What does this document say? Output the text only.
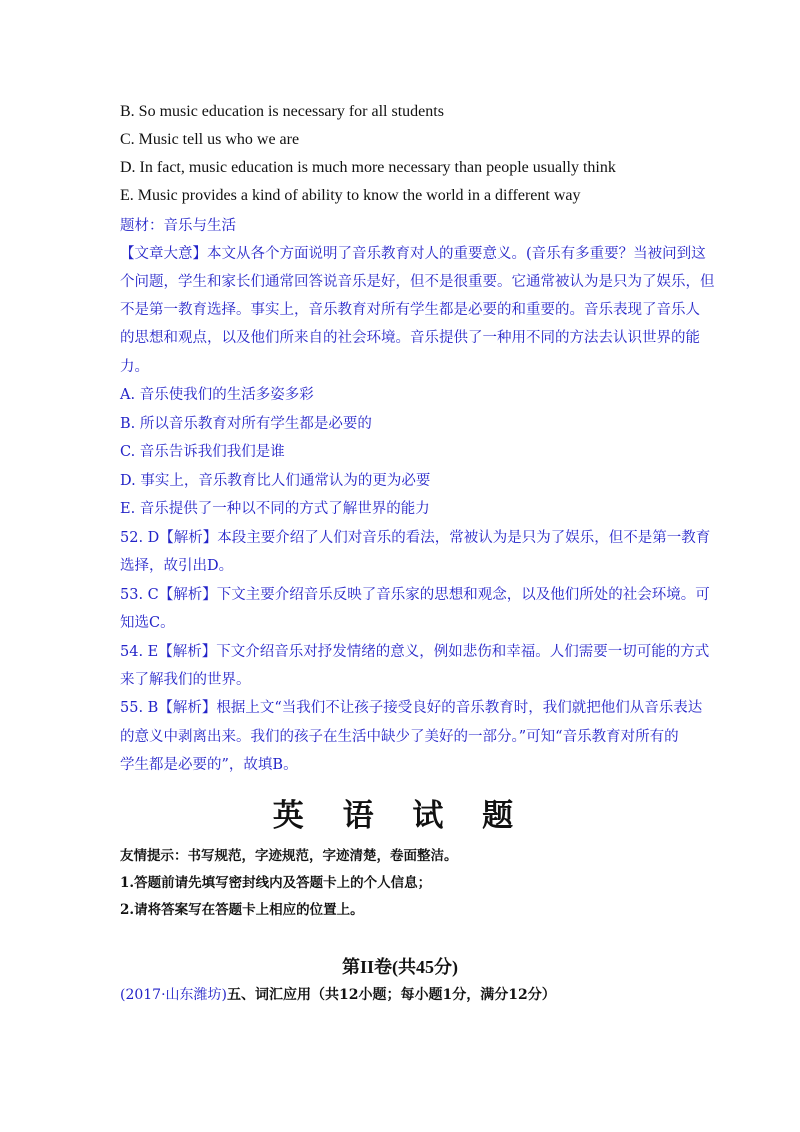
B. So music education is necessary for all students
C. Music tell us who we are
D. In fact, music education is much more necessary than people usually think
E. Music provides a kind of ability to know the world in a different way
题材：音乐与生活
【文章大意】本文从各个方面说明了音乐教育对人的重要意义。(音乐有多重要？当被问到这
个问题，学生和家长们通常回答说音乐是好，但不是很重要。它通常被认为是只为了娱乐，但
不是第一教育选择。事实上，音乐教育对所有学生都是必要的和重要的。音乐表现了音乐人
的思想和观点，以及他们所来自的社会环境。音乐提供了一种用不同的方法去认识世界的能
力。
A. 音乐使我们的生活多姿多彩
B. 所以音乐教育对所有学生都是必要的
C. 音乐告诉我们我们是谁
D. 事实上，音乐教育比人们通常认为的更为必要
E. 音乐提供了一种以不同的方式了解世界的能力
52. D【解析】本段主要介绍了人们对音乐的看法，常被认为是只为了娱乐，但不是第一教育
选择，故引出D。
53. C【解析】下文主要介绍音乐反映了音乐家的思想和观念，以及他们所处的社会环境。可
知选C。
54. E【解析】下文介绍音乐对抒发情绪的意义，例如悲伤和幸福。人们需要一切可能的方式
来了解我们的世界。
55. B【解析】根据上文“当我们不让孩子接受良好的音乐教育时，我们就把他们从音乐表达
的意义中剥离出来。我们的孩子在生活中缺少了美好的一部分。”可知“音乐教育对所有的
学生都是必要的”，故填B。
英 语 试 题
友情提示：书写规范，字迹规范，字迹清楚，卷面整洁。
1.答题前请先填写密封线内及答题卡上的个人信息；
2.请将答案写在答题卡上相应的位置上。
第II卷(共45分)
(2017·山东潍坊)五、词汇应用（共12小题；每小题1分，满分12分）
